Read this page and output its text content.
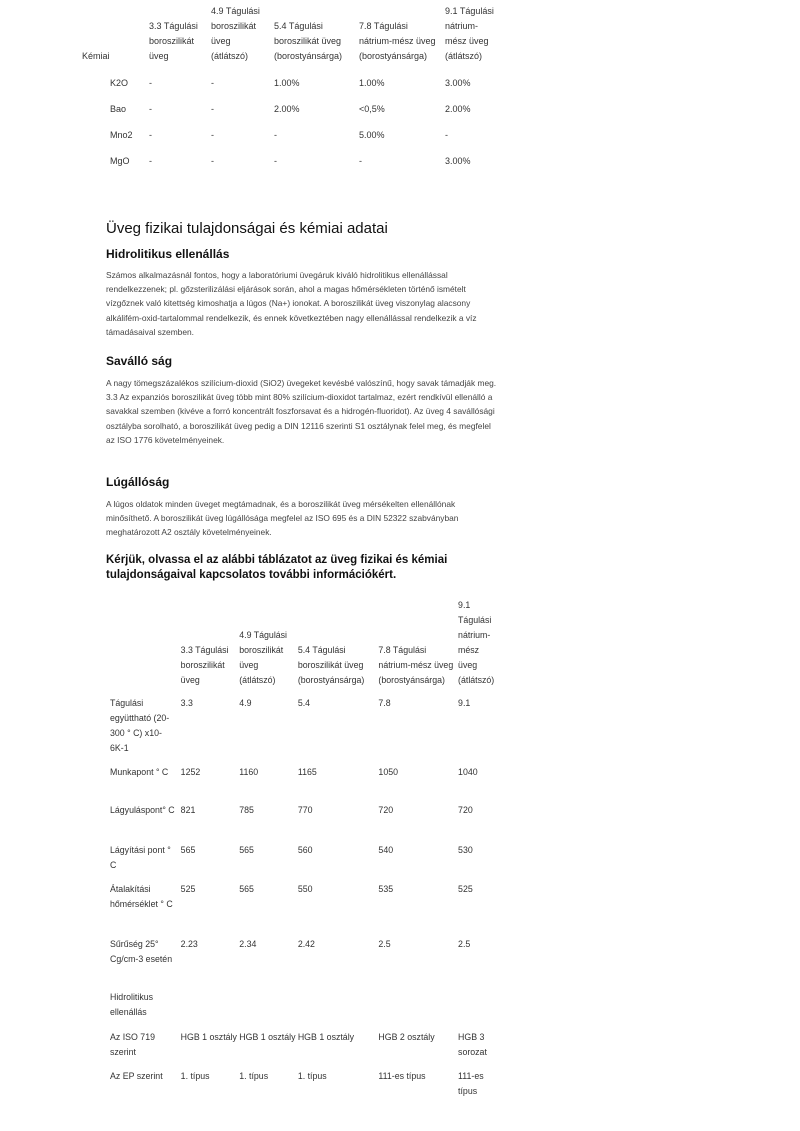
Kémiai	3.3 Tágulási boroszilikát üveg	4.9 Tágulási boroszilikát üveg (átlátszó)	5.4 Tágulási boroszilikát üveg (borostyánsárga)	7.8 Tágulási nátrium-mész üveg (borostyánsárga)	9.1 Tágulási nátrium-mész üveg (átlátszó)
K2O	-	-	1.00%	1.00%	3.00%
Bao	-	-	2.00%	<0,5%	2.00%
Mno2	-	-	-	5.00%	-
MgO	-	-	-	-	3.00%
Üveg fizikai tulajdonságai és kémiai adatai
Hidrolitikus ellenállás

Számos alkalmazásnál fontos, hogy a laboratóriumi üvegáruk kiváló hidrolitikus ellenállással rendelkezzenek; pl. gőzsterilizálási eljárások során, ahol a magas hőmérsékleten történő ismételt vízgőznek való kitettség kimoshatja a lúgos (Na+) ionokat. A boroszilikát üveg viszonylag alacsony alkálifém-oxid-tartalommal rendelkezik, és ennek következtében nagy ellenállással rendelkezik a víz támadásaival szemben.

Saválló ság

A nagy tömegszázalékos szilícium-dioxid (SiO2) üvegeket kevésbé valószínű, hogy savak támadják meg. 3.3 Az expanziós boroszilikát üveg több mint 80% szilícium-dioxidot tartalmaz, ezért rendkívül ellenálló a savakkal szemben (kivéve a forró koncentrált foszforsavat és a hidrogén-fluoridot). Az üveg 4 savállósági osztályba sorolható, a boroszilikát üveg pedig a DIN 12116 szerinti S1 osztálynak felel meg, és megfelel az ISO 1776 követelményeinek.

Lúgállóság

A lúgos oldatok minden üveget megtámadnak, és a boroszilikát üveg mérsékelten ellenállónak minősíthető. A boroszilikát üveg lúgállósága megfelel az ISO 695 és a DIN 52322 szabványban meghatározott A2 osztály követelményeinek.

Kérjük, olvassa el az alábbi táblázatot az üveg fizikai és kémiai tulajdonságaival kapcsolatos további információkért.
	3.3 Tágulási boroszilikát üveg	4.9 Tágulási boroszilikát üveg (átlátszó)	5.4 Tágulási boroszilikát üveg (borostyánsárga)	7.8 Tágulási nátrium-mész üveg (borostyánsárga)	9.1 Tágulási nátrium-mész üveg (átlátszó)
Tágulási együttható (20-300 ° C) x10-6K-1	3.3	4.9	5.4	7.8	9.1
Munkapont ° C	1252	1160	1165	1050	1040
Lágyuláspont° C	821	785	770	720	720
Lágyítási pont ° C	565	565	560	540	530
Átalakítási hőmérséklet ° C	525	565	550	535	525
Sűrűség 25° Cg/cm-3 esetén	2.23	2.34	2.42	2.5	2.5
Hidrolitikus ellenállás					
Az ISO 719 szerint	HGB 1 osztály	HGB 1 osztály	HGB 1 osztály	HGB 2 osztály	HGB 3 sorozat
Az EP szerint	1. típus	1. típus	1. típus	111-es típus	111-es típus
